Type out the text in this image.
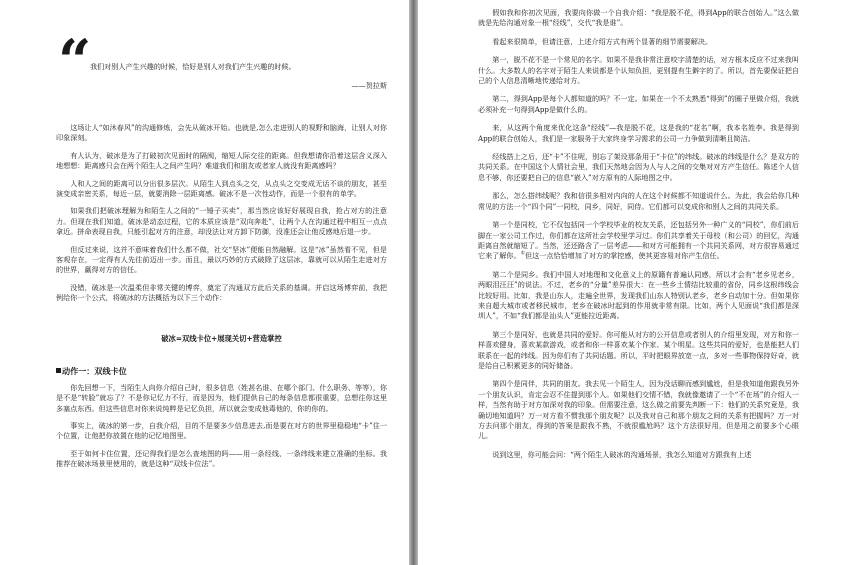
“ 我们对别人产生兴趣的时候，恰好是别人对我们产生兴趣的时候。
——贺拉斯

这场让人“如沐春风”的沟通修炼，会先从破冰开始。也就是,怎么走进别人的视野和脑海，让别人对你印象深刻。

有人认为，破冰是为了打破初次见面时的隔阂，缩短人际交往的距离。但我想请你沿着这层含义深入地想想：距离感只会在两个陌生人之间产生吗？难道我们和朋友或者家人就没有距离感吗？

人和人之间的距离可以分出很多层次。从陌生人到点头之交，从点头之交变成无话不谈的朋友，甚至演变成亲密关系，每近一层，就要消除一层距离感。破冰不是一次性动作，而是一个很有的单学。

如果我们把破冰理解为和陌生人之间的“一锤子买卖”，那当然应该好好展现自我，抢占对方的注意力。但现在我们知道，破冰是动态过程，它的本质应该是“双向奔赴”，让两个人在沟通过程中相互一点点拿近。拼命表现自我，只能引起对方的注意，却没法让对方卸下防御，没准还会让他反感地后退一步。

但反过来说，这并不意味着我们什么都不做，社交“坚冰”便能自然融解。这是“冰”虽然看不见，但是客观存在，一定得有人先往前迈出一步。而且，最以巧妙的方式破除了这层冰，靠就可以从陌生走进对方的世界，赢得对方的信任。

没错，破冰是一次温柔但非常关键的博弈，奠定了沟通双方此后关系的基调。并启这场博弈前，我把例给你一个公式，将破冰的方法概括为以下三个动作：

破冰=双线卡位+展现关切+营造掌控
动作一：双线卡位

你先回想一下，当陌生人向你介绍自己时，很多信息（姓甚名谁、在哪个部门、什么职务、等等），你是不是“转脸”就忘了？不是你记忆力不行，而是因为，他们提供自己的每条信息都很重要，总想往你这里多塞点东西。但这些信息对你来说纯粹是记忆负担，所以就会变成他毒他的，你的你的。

事实上，破冰的第一步，自我介绍，目的不是要多少信息进去,而是要在对方的世界里稳稳地“卡”住一个位置，让他把你放置在他的记忆地图里。

至于如何卡住位置，还记得我们是怎么查地图的吗——用一条经线、一条纬线来建立准确的坐标。我推荐在破冰场景里使用的，就是这种“双线卡位法”。

假如我和你初次见面，我要向你做一个自我介绍：“我是脱不花，得到App的联合创始人。”这么做就是先给沟通对象一根“经线”，交代“我是谁”。

看起来很简单，但请注意，上述介绍方式有两个显著的细节需要解决。

第一，脱不花不是一个常见的名字。如果不是我非常注意咬字清楚的话，对方根本反应不过来我叫什么。大多数人的名字对于陌生人来说都是个认知负担，更别提有生僻字的了。所以，首先要保证把自己的个人信息清晰地传递给对方。

第二，得到App是每个人都知道的吗？不一定。如果在一个不太熟悉“得到”的圈子里做介绍，我就必须补充一句得到App是做什么的。

来，从这两个角度来优化这条“经线”—我是脱不花，这是我的“花名”啊，我本名姓李。我是得到App的联合创始人，我们是一家服务于大家终身学习需求的公司一力争做到清晰且简洁。

经线搭上之后，还“卡”不住呢，别忘了架设那条用于“卡位”的纬线。破冰的纬线是什么？是双方的共同关系。在中国这个人情社会里，我们天然地会因为人与人之间的交集对对方产生信任。陈述个人信息不够，你还要把自己的信息“嵌入”对方原有的人际地图之中。

那么，怎么搭纬线呢？我和信很多相对内向的人在这个时候都不知道说什么。为此，我会给你几种常见的方法一个“四个同”一同校，同乡，同好，同侍。它们都可以变成你和别人之间的共同关系。

第一个是同校，它不仅包括同一个学校毕业的校友关系，还包括另外一种广义的“同校”，你们前后脚在一家公司工作过，你们都在这所社会学校里学习过。你们共享着关于母校（和公司）的回忆，沟通距离自然就缩短了。当然，还还路含了一层考虑——和对方可能拥有一个共同关系网，对方很容易通过它来了解你。①但这一点恰恰增加了对方的掌控感，使其更容易对你产生信任。

第二个是同乡。我们中国人对地理和文化意义上的原籍有普遍认同感，所以才会有“老乡见老乡，两眼泪汪汪”的说法。不过，老乡的“分量”差异很大：在一些乡土情结比较重的省份，同乡这根纬线会比较好用。比如，我是山东人，走遍全世界，发现我们山东人特别认老乡，老乡自动加十分。但如果你来自超大城市或者移民城市，老乡在破冰时起到的作用就非常有限。比如，两个人见面说“我们都是深圳人”，不如“我们都是汕头人”更能拉近距离。

第三个是同好，也就是共同的爱好。你可能从对方的公开信息或者别人的介绍里发现，对方和你一样喜欢健身，喜欢某款游戏，或者和你一样喜欢某个作家、某个明星。这些共同的爱好，也是能把人们联系在一起的纬线。因为你们有了共同话题。所以，平时把眼界放宽一点，多对一些事物保持好奇，就是给自己积累更多的同好储备。

第四个是同伴，共同的朋友。我去见一个陌生人，因为没话聊而感到尴尬，但是我知道他跟我另外一个朋友认识，肯定会忍不住提到那个人。如果他们交情不错，我就像邀请了一个“不在场”的介绍人一样，当然有助于对方加深对我的印象。但需要注意，这么做之前要先判断一下：他们的关系究竟是，我确切地知道吗？万一对方看不惯我那个朋友呢？以及我对自己和那个朋友之间的关系有把握吗？万一对方去问那个朋友，得到的答案是跟我不熟，不就很尴尬吗？这个方法很好用，但是用之前要多个心眼儿。

说到这里，你可能会问：“两个陌生人破冰的沟通场景，我怎么知道对方跟我有上述
